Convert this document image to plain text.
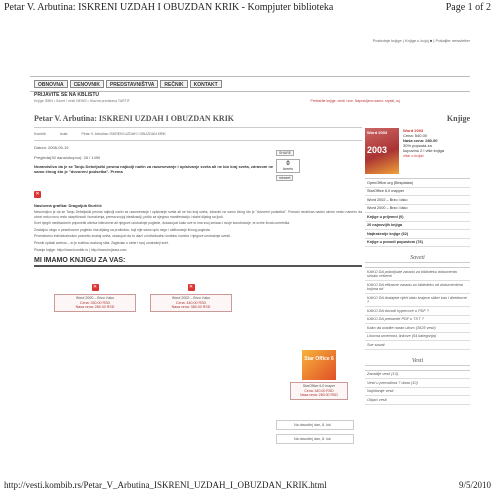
Petar V. Arbutina: ISKRENI UZDAH I OBUZDAN KRIK - Kompjuter biblioteka	Page 1 of 2
Poslednje knjige | Knjige u kojoj ■ | Pošaljite newsletter
OBNOVNA	CENOVNIK	PREDSTAVNIŠTVA	REČNIK	KONTAKT
PRIJAVITE SE NA KBLISTU
Knjige ISBN • Savet / vesti NEWS • Ulazna predstava TARTIF	Pretražite knjige, vesti i sve. Napravljeno samo: srpski, ruj
Petar V. Arbutina: ISKRENI UZDAH I OBUZDAN KRIK
Kombib	Izdat	Petar V. Arbutina: ISKRENI UZDAH I OBUZDAN KRIK
Datum: 2008-05-19
Pregleda(30 dana/ukupno): 26 / 1490
Nezamislivo da je se Tanju Debeljački pesma najbolji način za razumevanje i opisivanje sveta ali ne bio kraj sveta, zdravom ne samo činog što je "dovoreni podsetka". Prema
SHARE
0
tweets
retweet
✕
Naslovna grafika: Dragoljub Đuričić
Nesumnjivo je da se Tanju Debeljački pesma najbolji način za razumevanje i opisivanje sveta ali ne bio kraj sveta, zdravim ne samo činog što je "dovoreni podsetka". Pomalo neobičan nadov skrive nesto namero da otvori neku novu vrstu skeptičnosti i tumačenja, prema svojoj idealizaciji, pošto za njegovo manifestaciju i stalni dijalog sa ljudi.
Svet njegih meditacionih pripovetki otkriva intenzivne ali njegove unutrašnje poglede, dokazujući kako sve to ima svoj smisao i svoje konstrukcije, te svrhe životu umetnika.
Značajnu ulogu u pesnikovom pogledu ima dijalog sa prošlošću, koji nije samo opis nego i oblikovanje ličnog pogleda.
Prvenstveno individualnošću posvetio značaj sveta, ukazujući da to ulazi u individualnu sudbinu čoveka i njegove unutrašnje svesti.
Pesnik upitaši avenos – to je suština ovakvog stila. Zagledan u sebe i svoj unutrašnji svet.
Pisanje knjige: http://www.kombib.rs | http://www.knjizara.com
MI IMAMO KNJIGU ZA VAS:
✕
Word 2000 – Brzo i lako
Cena: 330.00 RSD
Nasa cena: 280.00 RSD
✕
Word 2002 – Brzo i lako
Cena: 440.00 RSD
Nasa cena: 380.00 RSD
Star Office 6
StarOffice 6.0 maper
Cena: 440.00 RSD
Nasa cena: 280.00 RSD
Na davodinj dan, 8. Iuk
Na davodinj dan, 8. Iuk
Knjige
Word 2003
2003
Word 2003
Cena: 540.00
Naša cena: 280.00
30% popusta za
kupovinu 2 i više knjiga
više o knjizi
OpenOffice.org (Besplatan)
StarOffice 6.0 mapper
Word 2002 – Brzo i lako
Word 2000 – Brzo i lako
Knjige u prijemni (0)
20 najnovijih knjiga
Najtraženije knjige (62)
Knjige u ponudi popustom (76)
Saveti
KAKO DA poboljšate zaradu za biblioteku dokumenta sirnalu rešterni
KAKO DA efikasne zaradu za biblioteku od dokumentima kojima od
KAKO DA dodajete riječi datu krajeve sliker kao i direktorne ?
KAKO DA dovodi hypercore u PDF ?
KAKO DA prebacite PDF u TXT ?
Kako da uradite naran ukom (3625 vesti)
Likovna umetnost, linkove (54 kategorija)
Sve savati
Vesti
Zanatlije vesti (13)
Vesti u prevodima 7 dana (10)
Najčitanije vesti
Objavi vesti
http://vesti.kombib.rs/Petar_V_Arbutina_ISKRENI_UZDAH_I_OBUZDAN_KRIK.html	9/5/2010
